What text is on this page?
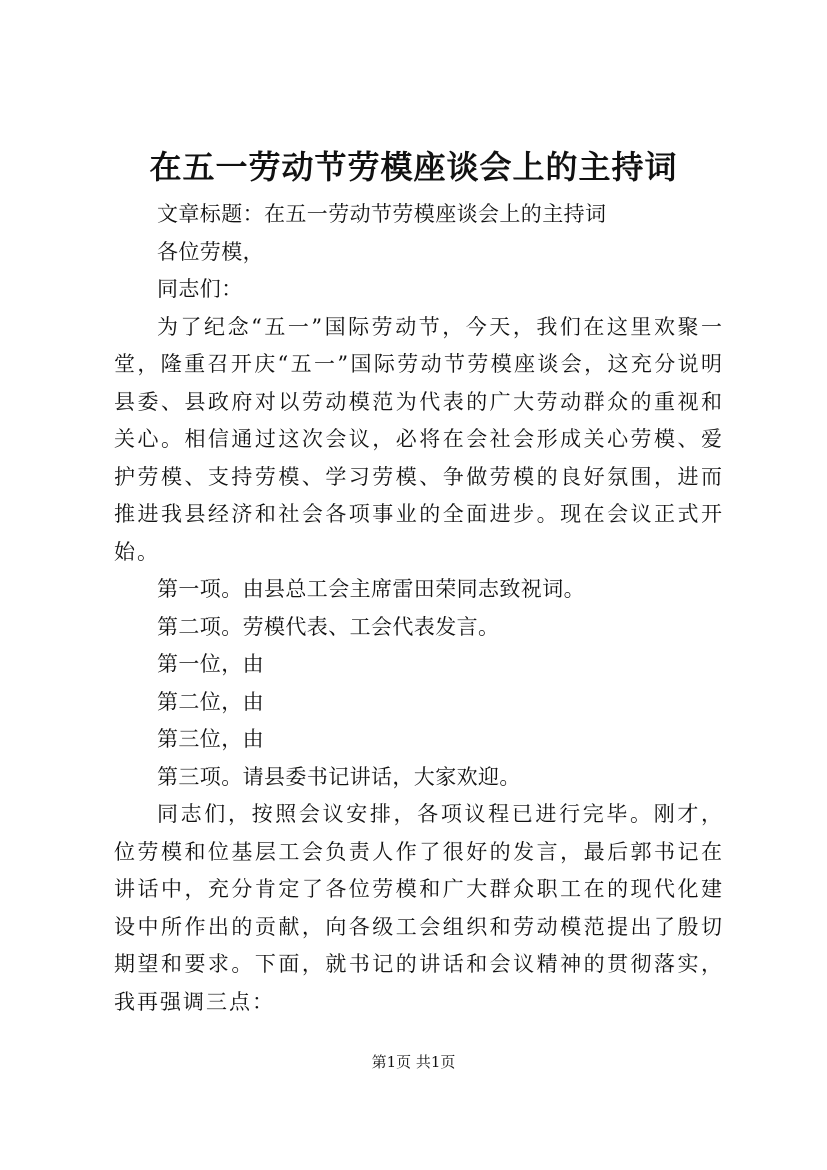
在五一劳动节劳模座谈会上的主持词

文章标题：在五一劳动节劳模座谈会上的主持词

各位劳模，

同志们：

为了纪念“五一”国际劳动节，今天，我们在这里欢聚一堂，隆重召开庆“五一”国际劳动节劳模座谈会，这充分说明县委、县政府对以劳动模范为代表的广大劳动群众的重视和关心。相信通过这次会议，必将在会社会形成关心劳模、爱护劳模、支持劳模、学习劳模、争做劳模的良好氛围，进而推进我县经济和社会各项事业的全面进步。现在会议正式开始。

第一项。由县总工会主席雷田荣同志致祝词。

第二项。劳模代表、工会代表发言。

第一位，由

第二位，由

第三位，由

第三项。请县委书记讲话，大家欢迎。

同志们，按照会议安排，各项议程已进行完毕。刚才，位劳模和位基层工会负责人作了很好的发言，最后郭书记在讲话中，充分肯定了各位劳模和广大群众职工在的现代化建设中所作出的贡献，向各级工会组织和劳动模范提出了殷切期望和要求。下面，就书记的讲话和会议精神的贯彻落实，我再强调三点：

第1页 共1页
